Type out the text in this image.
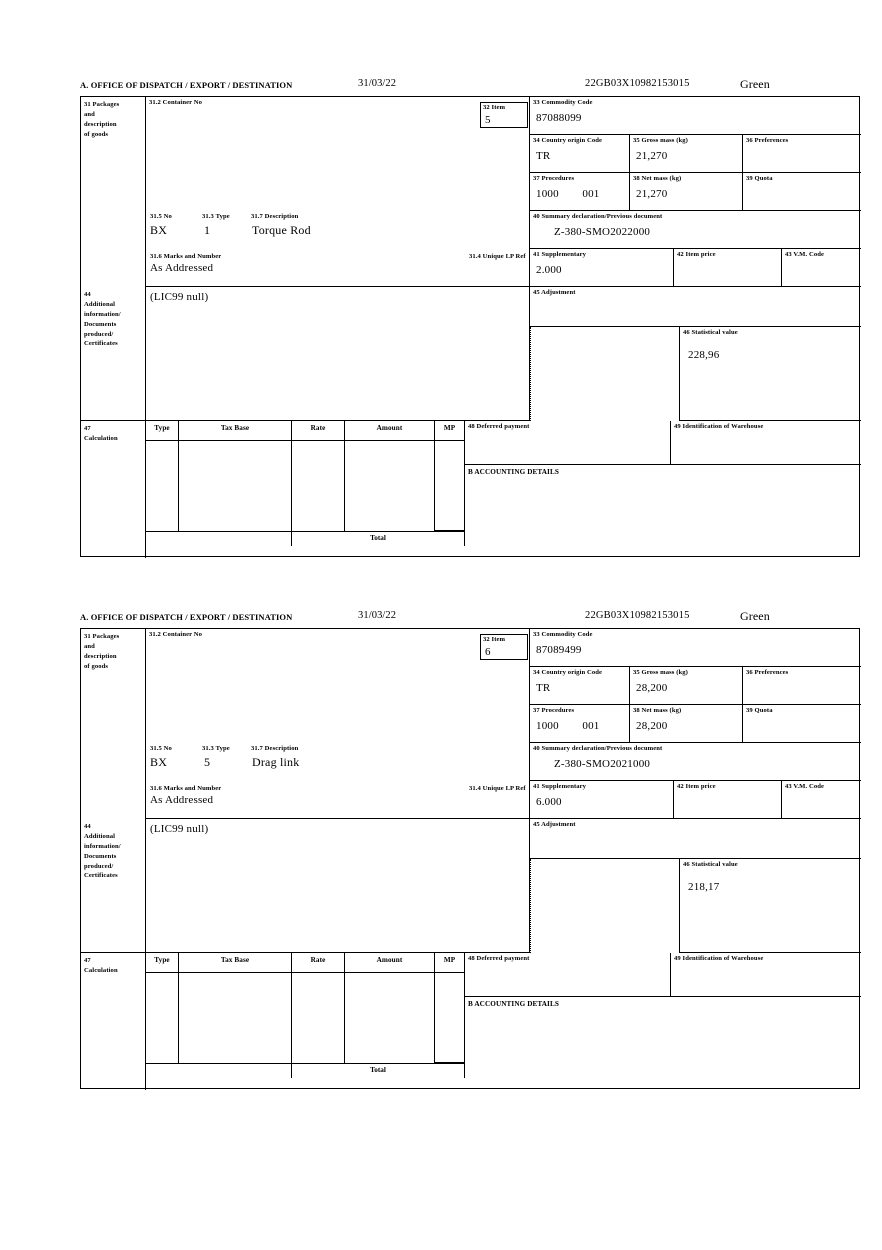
A. OFFICE OF DISPATCH / EXPORT / DESTINATION	31/03/22	22GB03X10982153015	Green
31 Packages
and
description
of goods
31.2 Container No
31.5 No	31.3 Type	31.7 Description
BX	1	Torque Rod
31.6 Marks and Number	31.4 Unique I.P Ref
As Addressed
32 Item
5
33 Commodity Code
87088099
34 Country origin Code
TR
35 Gross mass (kg)
21,270
36 Preferences
37 Procedures
1000        001
38 Net mass (kg)
21,270
39 Quota
40 Summary declaration/Previous document
Z-380-SMO2022000
41 Supplementary
2.000
42 Item price	43 V.M. Code
44
Additional
information/
Documents
produced/
Certificates
(LIC99 null)	45 Adjustment
46 Statistical value
228,96
47
Calculation
Type	Tax Base	Rate	Amount	MP
Total
48 Deferred payment	49 Identification of Warehouse
B ACCOUNTING DETAILS
A. OFFICE OF DISPATCH / EXPORT / DESTINATION	31/03/22	22GB03X10982153015	Green
31 Packages
and
description
of goods
31.2 Container No
31.5 No	31.3 Type	31.7 Description
BX	5	Drag link
31.6 Marks and Number	31.4 Unique I.P Ref
As Addressed
32 Item
6
33 Commodity Code
87089499
34 Country origin Code
TR
35 Gross mass (kg)
28,200
36 Preferences
37 Procedures
1000        001
38 Net mass (kg)
28,200
39 Quota
40 Summary declaration/Previous document
Z-380-SMO2021000
41 Supplementary
6.000
42 Item price	43 V.M. Code
44
Additional
information/
Documents
produced/
Certificates
(LIC99 null)	45 Adjustment
46 Statistical value
218,17
47
Calculation
Type	Tax Base	Rate	Amount	MP
Total
48 Deferred payment	49 Identification of Warehouse
B ACCOUNTING DETAILS
